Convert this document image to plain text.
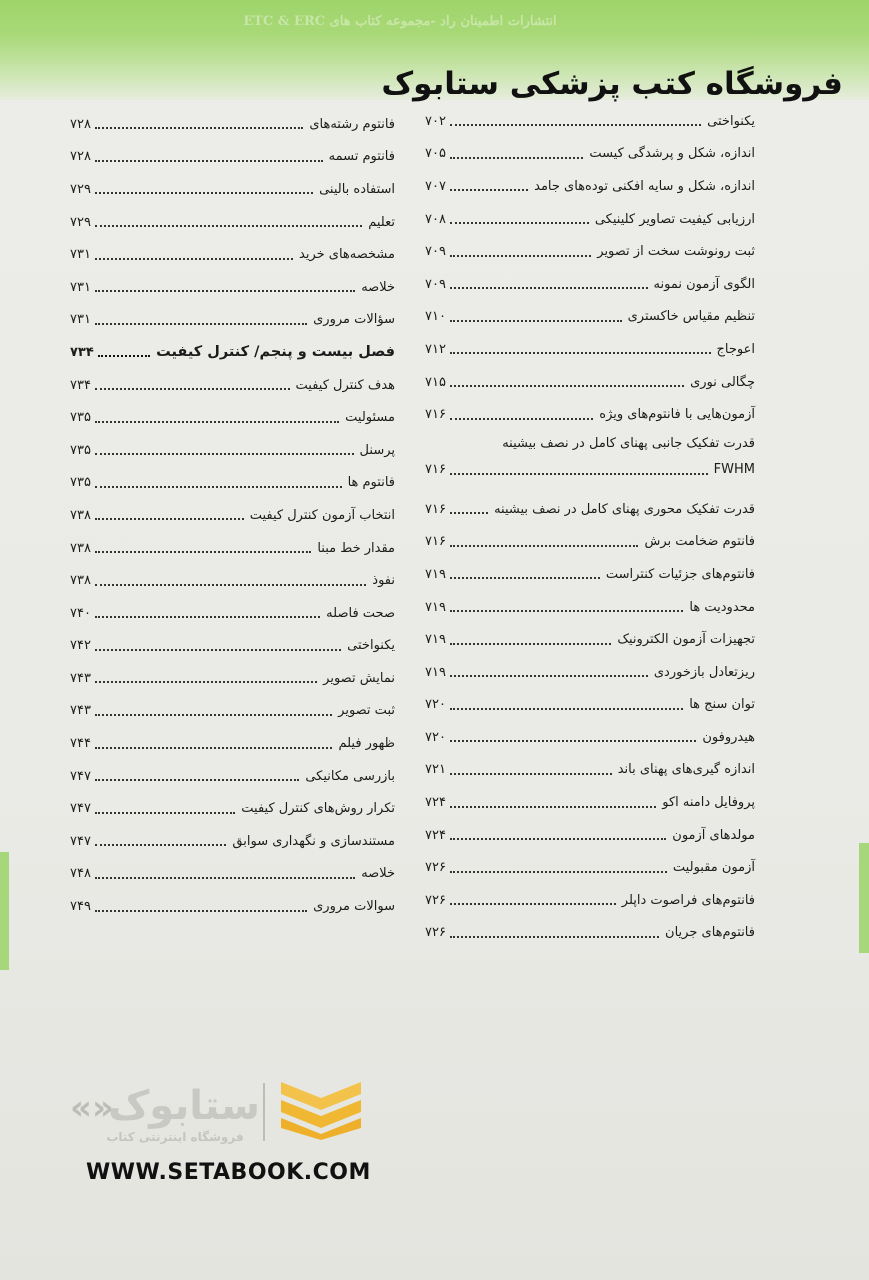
انتشارات اطمینان راد -مجموعه کتاب های ETC & ERC
فروشگاه کتب پزشکی ستابوک
یکنواختی
۷۰۲
اندازه، شکل و پرشدگی کیست
۷۰۵
اندازه، شکل و سایه افکنی توده‌های جامد
۷۰۷
ارزیابی کیفیت تصاویر کلینیکی
۷۰۸
ثبت رونوشت سخت از تصویر
۷۰۹
الگوی آزمون نمونه
۷۰۹
تنظیم مقیاس خاکستری
۷۱۰
اعوجاج
۷۱۲
چگالی نوری
۷۱۵
آزمون‌هایی با فانتوم‌های ویژه
۷۱۶
قدرت تفکیک جانبی پهنای کامل در نصف بیشینه
FWHM
۷۱۶
قدرت تفکیک محوری پهنای کامل در نصف بیشینه
۷۱۶
فانتوم ضخامت برش
۷۱۶
فانتوم‌های جزئیات کنتراست
۷۱۹
محدودیت ها
۷۱۹
تجهیزات آزمون الکترونیک
۷۱۹
ریزتعادل بازخوردی
۷۱۹
توان سنج ها
۷۲۰
هیدروفون
۷۲۰
اندازه گیری‌های پهنای باند
۷۲۱
پروفایل دامنه اکو
۷۲۴
مولدهای آزمون
۷۲۴
آزمون مقبولیت
۷۲۶
فانتوم‌های فراصوت داپلر
۷۲۶
فانتوم‌های جریان
۷۲۶
فانتوم رشته‌های
۷۲۸
فانتوم تسمه
۷۲۸
استفاده بالینی
۷۲۹
تعلیم
۷۲۹
مشخصه‌های خرید
۷۳۱
خلاصه
۷۳۱
سؤالات مروری
۷۳۱
فصل بیست و پنجم/ کنترل کیفیت
۷۳۴
هدف کنترل کیفیت
۷۳۴
مسئولیت
۷۳۵
پرسنل
۷۳۵
فانتوم ها
۷۳۵
انتخاب آزمون کنترل کیفیت
۷۳۸
مقدار خط مبنا
۷۳۸
نفوذ
۷۳۸
صحت فاصله
۷۴۰
یکنواختی
۷۴۲
نمایش تصویر
۷۴۳
ثبت تصویر
۷۴۳
ظهور فیلم
۷۴۴
بازرسی مکانیکی
۷۴۷
تکرار روش‌های کنترل کیفیت
۷۴۷
مستندسازی و نگهداری سوابق
۷۴۷
خلاصه
۷۴۸
سوالات مروری
۷۴۹
ستابوک
«»
فروشگاه اینترنتی کتاب
WWW.SETABOOK.COM
